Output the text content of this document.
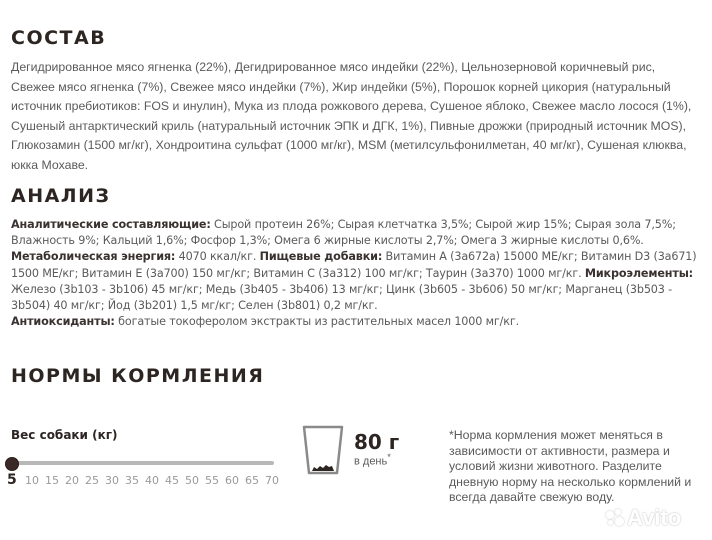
СОСТАВ

Дегидрированное мясо ягненка (22%), Дегидрированное мясо индейки (22%), Цельнозерновой коричневый рис, Свежее мясо ягненка (7%), Свежее мясо индейки (7%), Жир индейки (5%), Порошок корней цикория (натуральный источник пребиотиков: FOS и инулин), Мука из плода рожкового дерева, Сушеное яблоко, Свежее масло лосося (1%), Сушеный антарктический криль (натуральный источник ЭПК и ДГК, 1%), Пивные дрожжи (природный источник MOS), Глюкозамин (1500 мг/кг), Хондроитина сульфат (1000 мг/кг), MSM (метилсульфонилметан, 40 мг/кг), Сушеная клюква, юкка Мохаве.

АНАЛИЗ

Аналитические составляющие: Сырой протеин 26%; Сырая клетчатка 3,5%; Сырой жир 15%; Сырая зола 7,5%; Влажность 9%; Кальций 1,6%; Фосфор 1,3%; Омега 6 жирные кислоты 2,7%; Омега 3 жирные кислоты 0,6%. Метаболическая энергия: 4070 ккал/кг. Пищевые добавки: Витамин А (3a672a) 15000 МЕ/кг; Витамин D3 (3a671) 1500 МЕ/кг; Витамин Е (3a700) 150 мг/кг; Витамин С (3a312) 100 мг/кг; Таурин (3a370) 1000 мг/кг. Микроэлементы: Железо (3b103 - 3b106) 45 мг/кг; Медь (3b405 - 3b406) 13 мг/кг; Цинк (3b605 - 3b606) 50 мг/кг; Марганец (3b503 - 3b504) 40 мг/кг; Йод (3b201) 1,5 мг/кг; Селен (3b801) 0,2 мг/кг.
Антиоксиданты: богатые токоферолом экстракты из растительных масел 1000 мг/кг.

НОРМЫ КОРМЛЕНИЯ
Вес собаки (кг)
5 10 15 20 25 30 35 40 45 50 55 60 65 70
80 г
в день*

*Норма кормления может меняться в зависимости от активности, размера и условий жизни животного. Разделите дневную норму на несколько кормлений и всегда давайте свежую воду.

Avito
